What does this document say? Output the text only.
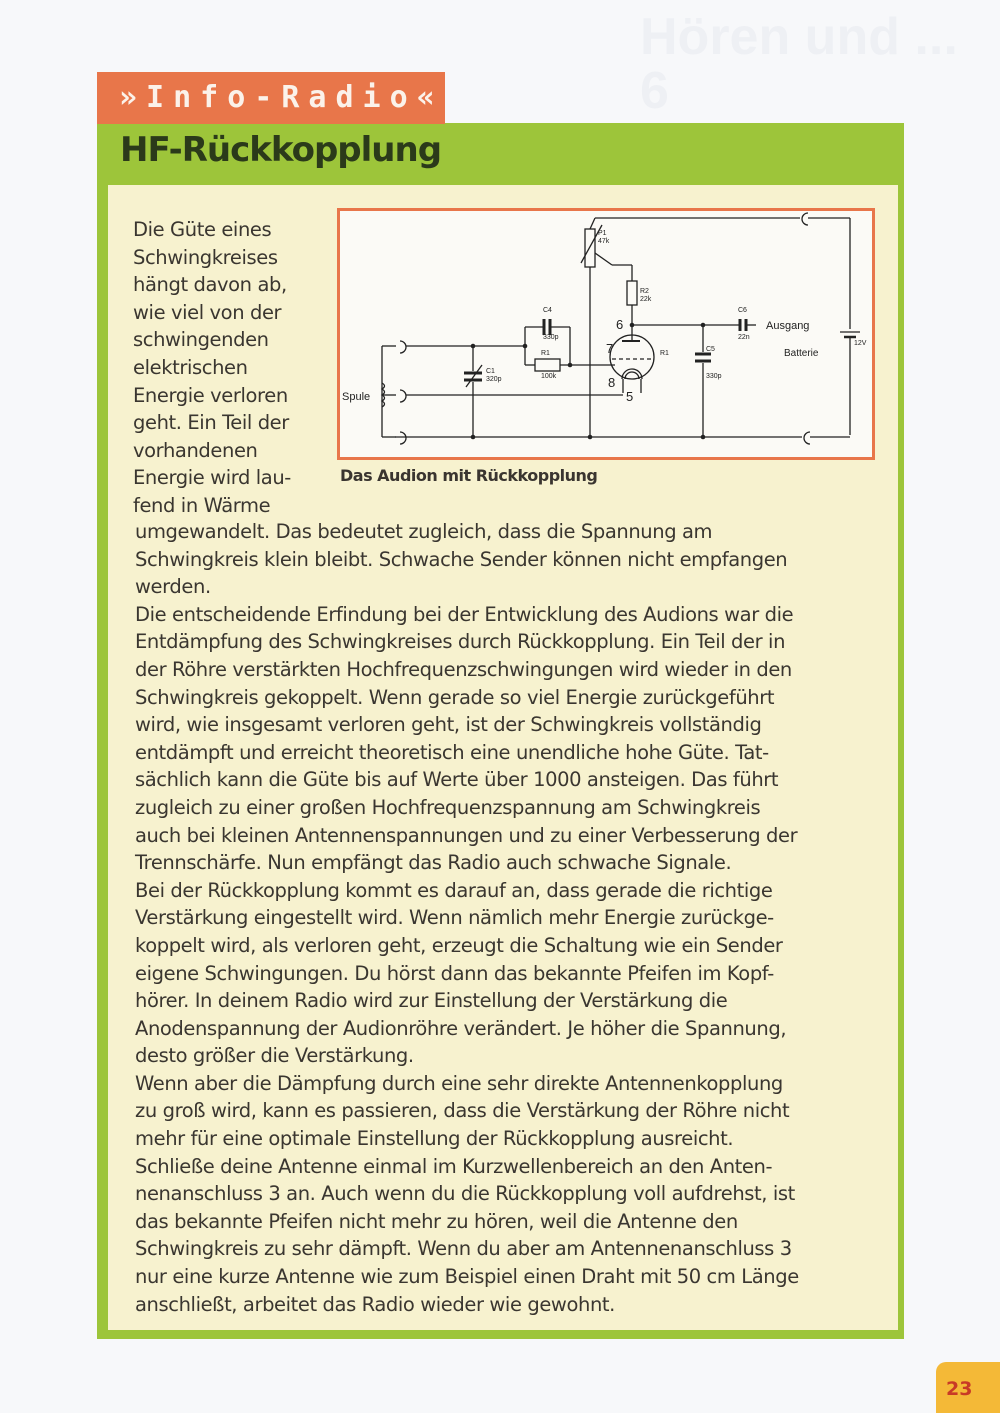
Hören und ... 6
»Info-Radio«
HF-Rückkopplung
Spule
C1
320p
C4
330p
R1
100k
P1
47k
R2
22k
R1
C5
330p
C6
22n
6
7
8
5
Ausgang
Batterie
12V
Das Audion mit Rückkopplung
Die Güte eines
Schwingkreises
hängt davon ab,
wie viel von der
schwingenden
elektrischen
Energie verloren
geht. Ein Teil der
vorhandenen
Energie wird lau-
fend in Wärme

umgewandelt. Das bedeutet zugleich, dass die Spannung am

Schwingkreis klein bleibt. Schwache Sender können nicht empfangen

werden.

Die entscheidende Erfindung bei der Entwicklung des Audions war die

Entdämpfung des Schwingkreises durch Rückkopplung. Ein Teil der in

der Röhre verstärkten Hochfrequenzschwingungen wird wieder in den

Schwingkreis gekoppelt. Wenn gerade so viel Energie zurückgeführt

wird, wie insgesamt verloren geht, ist der Schwingkreis vollständig

entdämpft und erreicht theoretisch eine unendliche hohe Güte. Tat-

sächlich kann die Güte bis auf Werte über 1000 ansteigen. Das führt

zugleich zu einer großen Hochfrequenzspannung am Schwingkreis

auch bei kleinen Antennenspannungen und zu einer Verbesserung der

Trennschärfe. Nun empfängt das Radio auch schwache Signale.

Bei der Rückkopplung kommt es darauf an, dass gerade die richtige

Verstärkung eingestellt wird. Wenn nämlich mehr Energie zurückge-

koppelt wird, als verloren geht, erzeugt die Schaltung wie ein Sender

eigene Schwingungen. Du hörst dann das bekannte Pfeifen im Kopf-

hörer. In deinem Radio wird zur Einstellung der Verstärkung die

Anodenspannung der Audionröhre verändert. Je höher die Spannung,

desto größer die Verstärkung.

Wenn aber die Dämpfung durch eine sehr direkte Antennenkopplung

zu groß wird, kann es passieren, dass die Verstärkung der Röhre nicht

mehr für eine optimale Einstellung der Rückkopplung ausreicht.

Schließe deine Antenne einmal im Kurzwellenbereich an den Anten-

nenanschluss 3 an. Auch wenn du die Rückkopplung voll aufdrehst, ist

das bekannte Pfeifen nicht mehr zu hören, weil die Antenne den

Schwingkreis zu sehr dämpft. Wenn du aber am Antennenanschluss 3

nur eine kurze Antenne wie zum Beispiel einen Draht mit 50 cm Länge

anschließt, arbeitet das Radio wieder wie gewohnt.

23
